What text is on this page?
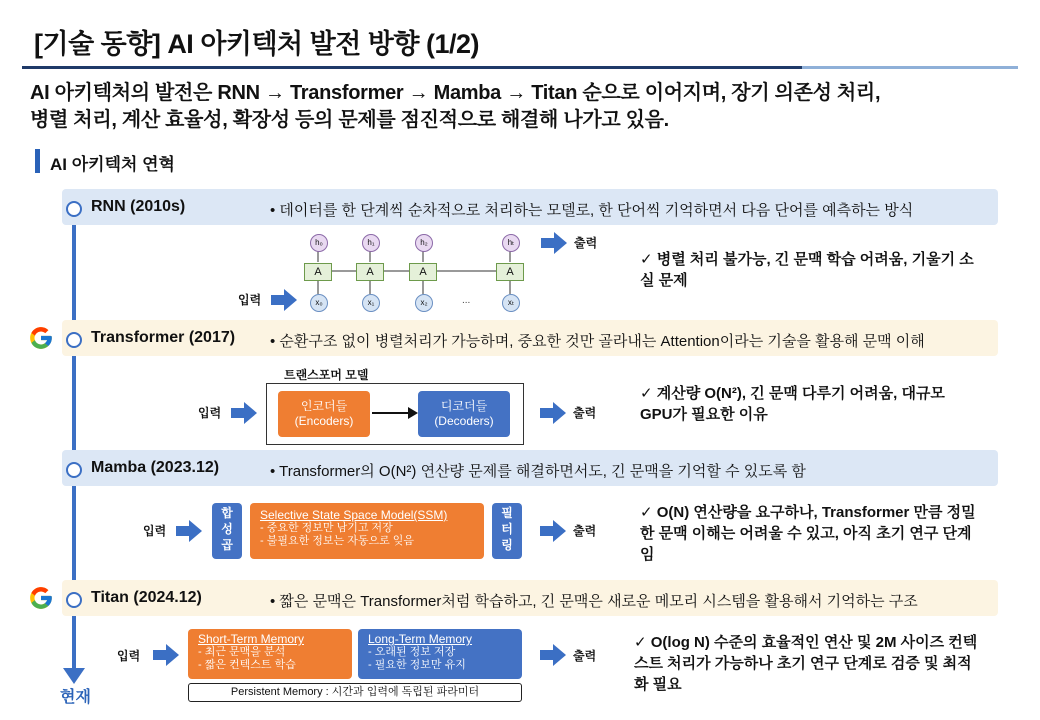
[기술 동향] AI 아키텍처 발전 방향 (1/2)
AI 아키텍처의 발전은 RNN → Transformer → Mamba → Titan 순으로 이어지며, 장기 의존성 처리,
병렬 처리, 계산 효율성, 확장성 등의 문제를 점진적으로 해결해 나가고 있음.
AI 아키텍처 연혁
현재
RNN (2010s)	• 데이터를 한 단계씩 순차적으로 처리하는 모델로, 한 단어씩 기억하면서 다음 단어를 예측하는 방식
h₀	h₁	h₂	hₜ
A	A	A	A
x₀	x₁	x₂	...	xₜ
입력
출력
✓ 병렬 처리 불가능, 긴 문맥 학습 어려움, 기울기 소실 문제
Transformer (2017) • 순환구조 없이 병렬처리가 가능하며, 중요한 것만 골라내는 Attention이라는 기술을 활용해 문맥 이해
트랜스포머 모델
인코더들
(Encoders)
디코더들
(Decoders)
입력	출력
✓ 계산량 O(N²), 긴 문맥 다루기 어려움, 대규모 GPU가 필요한 이유
Mamba (2023.12)	• Transformer의 O(N²) 연산량 문제를 해결하면서도, 긴 문맥을 기억할 수 있도록 함
입력
합성곱
Selective State Space Model(SSM)
- 중요한 정보만 남기고 저장
- 불필요한 정보는 자동으로 잊음
필터링
출력
✓ O(N) 연산량을 요구하나, Transformer 만큼 정밀한 문맥 이해는 어려울 수 있고, 아직 초기 연구 단계임
Titan (2024.12)	• 짧은 문맥은 Transformer처럼 학습하고, 긴 문맥은 새로운 메모리 시스템을 활용해서 기억하는 구조
입력
Short-Term Memory
- 최근 문맥을 분석
- 짧은 컨텍스트 학습
Long-Term Memory
- 오래된 정보 저장
- 필요한 정보만 유지
Persistent Memory : 시간과 입력에 독립된 파라미터
출력
✓ O(log N) 수준의 효율적인 연산 및 2M 사이즈 컨텍스트 처리가 가능하나 초기 연구 단계로 검증 및 최적화 필요
